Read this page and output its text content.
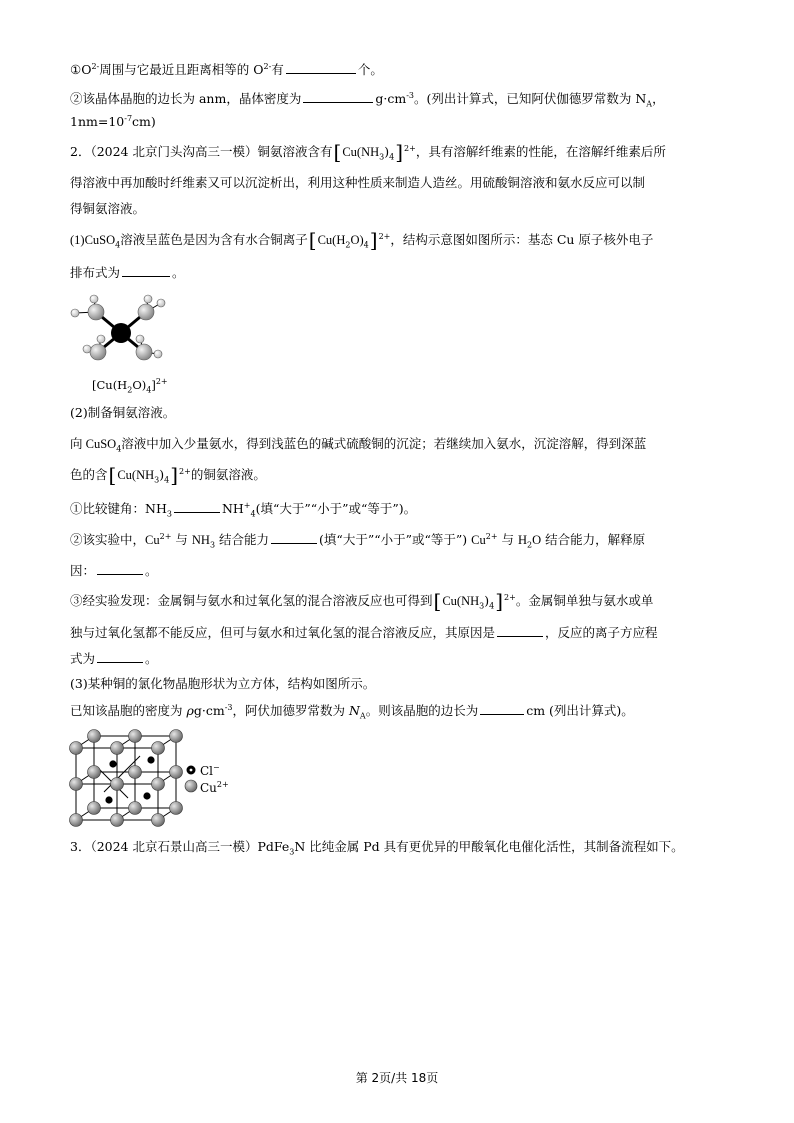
$①O^{2-}$周围与它最近且距离相等的 $O^{2-}$有	个。
②该晶体晶胞的边长为 anm，晶体密度为	$g\cdot cm^{-3}$。(列出计算式，已知阿伏伽德罗常数为 $N_A$，
$1nm=10^{-7}cm$)
2．（2024 北京门头沟高三一模）铜氨溶液含有$[Cu(NH_3)_4]^{2+}$，具有溶解纤维素的性能，在溶解纤维素后所
得溶液中再加酸时纤维素又可以沉淀析出，利用这种性质来制造人造丝。用硫酸铜溶液和氨水反应可以制
得铜氨溶液。
(1)CuSO$_4$溶液呈蓝色是因为含有水合铜离子$[Cu(H_2O)_4]^{2+}$，结构示意图如图所示：基态 Cu 原子核外电子
排布式为	。
$[Cu(H_2O)_4]^{2+}$
(2)制备铜氨溶液。
向 CuSO$_4$溶液中加入少量氨水，得到浅蓝色的碱式硫酸铜的沉淀；若继续加入氨水，沉淀溶解，得到深蓝
色的含$[Cu(NH_3)_4]^{2+}$的铜氨溶液。
①比较键角：$NH_3$	$NH^+_4$(填“大于”“小于”或“等于”)。
②该实验中，$Cu^{2+}$ 与 $NH_3$ 结合能力	(填“大于”“小于”或“等于”) $Cu^{2+}$ 与 $H_2O$ 结合能力，解释原
因：	。
③经实验发现：金属铜与氨水和过氧化氢的混合溶液反应也可得到$[Cu(NH_3)_4]^{2+}$。金属铜单独与氨水或单
独与过氧化氢都不能反应，但可与氨水和过氧化氢的混合溶液反应，其原因是	，反应的离子方应程
式为	。
(3)某种铜的氯化物晶胞形状为立方体，结构如图所示。
已知该晶胞的密度为 $\rho g\cdot cm^{-3}$，阿伏加德罗常数为 $N_A$。则该晶胞的边长为	cm (列出计算式)。
Cl−
$Cu^{2+}$
3．（2024 北京石景山高三一模）PdFe$_3$N 比纯金属 Pd 具有更优异的甲酸氧化电催化活性，其制备流程如下。
第 2页/共 18页
